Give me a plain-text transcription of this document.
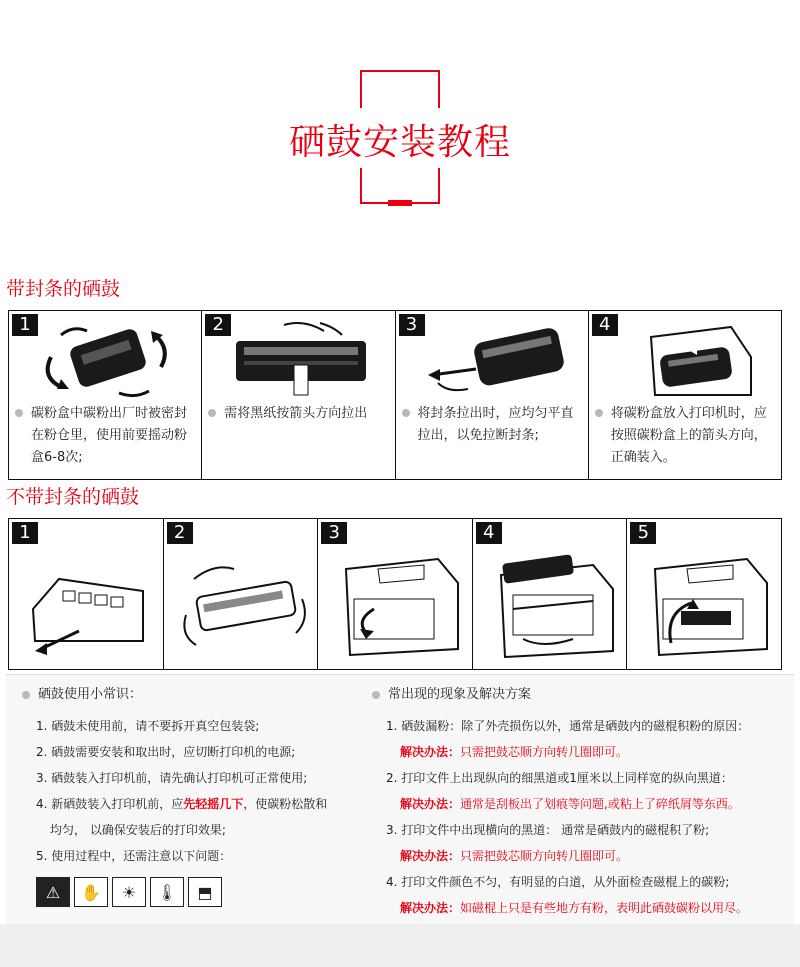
硒鼓安装教程
带封条的硒鼓
1
碳粉盒中碳粉出厂时被密封在粉仓里，使用前要摇动粉盒6-8次;
2
需将黑纸按箭头方向拉出
3
将封条拉出时，应均匀平直拉出，以免拉断封条;
4
将碳粉盒放入打印机时，应按照碳粉盒上的箭头方向，正确装入。
不带封条的硒鼓
1	2	3	4	5
硒鼓使用小常识：
1. 硒鼓未使用前，请不要拆开真空包装袋;
2. 硒鼓需要安装和取出时，应切断打印机的电源;
3. 硒鼓装入打印机前，请先确认打印机可正常使用;
4. 新硒鼓装入打印机前，应先轻摇几下，使碳粉松散和
均匀， 以确保安装后的打印效果;
5. 使用过程中，还需注意以下问题：
⚠	✋	☀	🌡	⬒
常出现的现象及解决方案
1. 硒鼓漏粉：除了外壳损伤以外，通常是硒鼓内的磁棍积粉的原因：
解决办法：只需把鼓芯顺方向转几圈即可。
2. 打印文件上出现纵向的细黑道或1厘米以上同样宽的纵向黑道：
解决办法：通常是刮板出了划痕等问题,或粘上了碎纸屑等东西。
3. 打印文件中出现横向的黑道： 通常是硒鼓内的磁棍积了粉;
解决办法：只需把鼓芯顺方向转几圈即可。
4. 打印文件颜色不匀，有明显的白道，从外面检查磁棍上的碳粉;
解决办法：如磁棍上只是有些地方有粉，表明此硒鼓碳粉以用尽。
